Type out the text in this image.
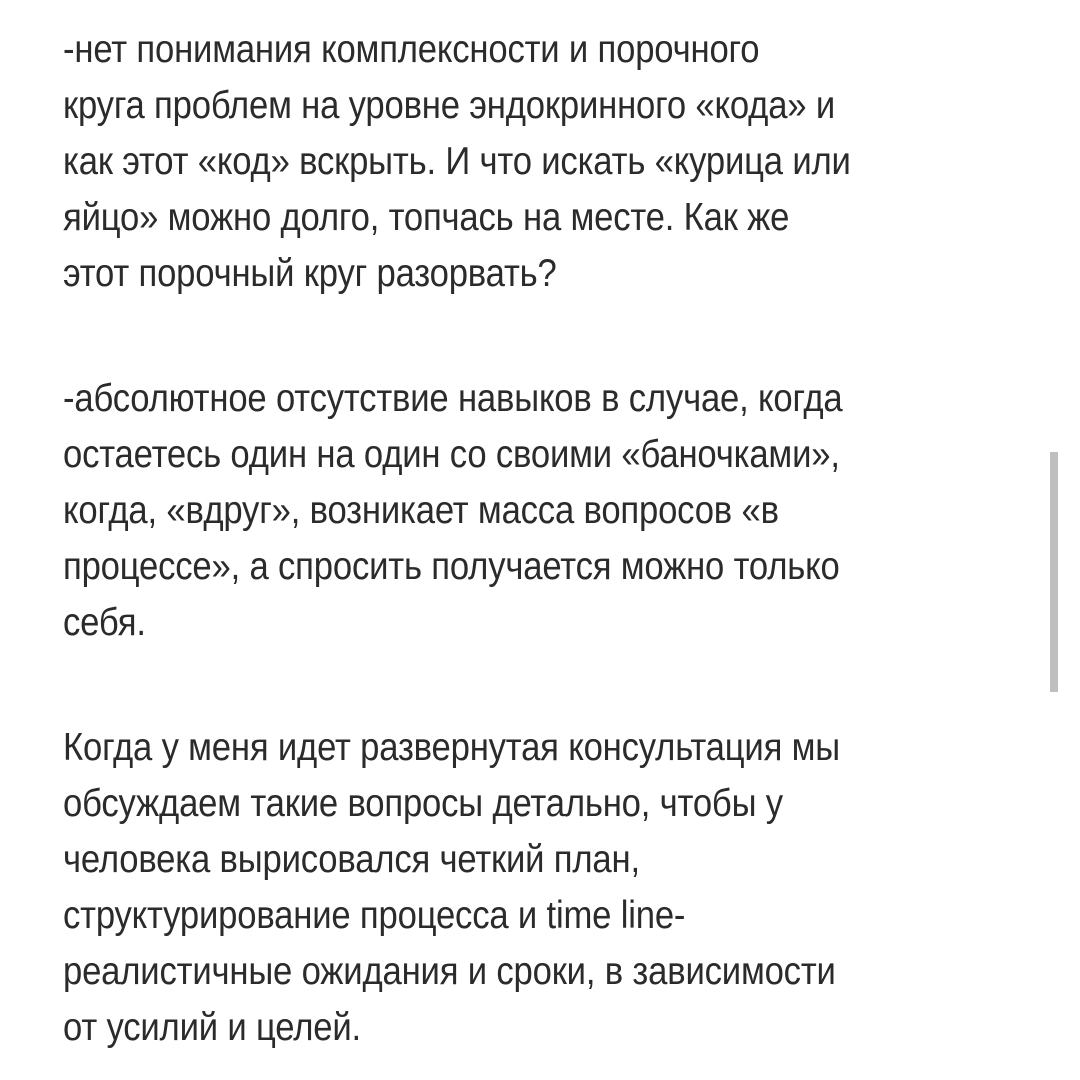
-нет понимания комплексности и порочного

круга проблем на уровне эндокринного «кода» и

как этот «код» вскрыть. И что искать «курица или

яйцо» можно долго, топчась на месте. Как же

этот порочный круг разорвать?

-абсолютное отсутствие навыков в случае, когда

остаетесь один на один со своими «баночками»,

когда, «вдруг», возникает масса вопросов «в

процессе», а спросить получается можно только

себя.

Когда у меня идет развернутая консультация мы

обсуждаем такие вопросы детально, чтобы у

человека вырисовался четкий план,

структурирование процесса и time line-

реалистичные ожидания и сроки, в зависимости

от усилий и целей.
